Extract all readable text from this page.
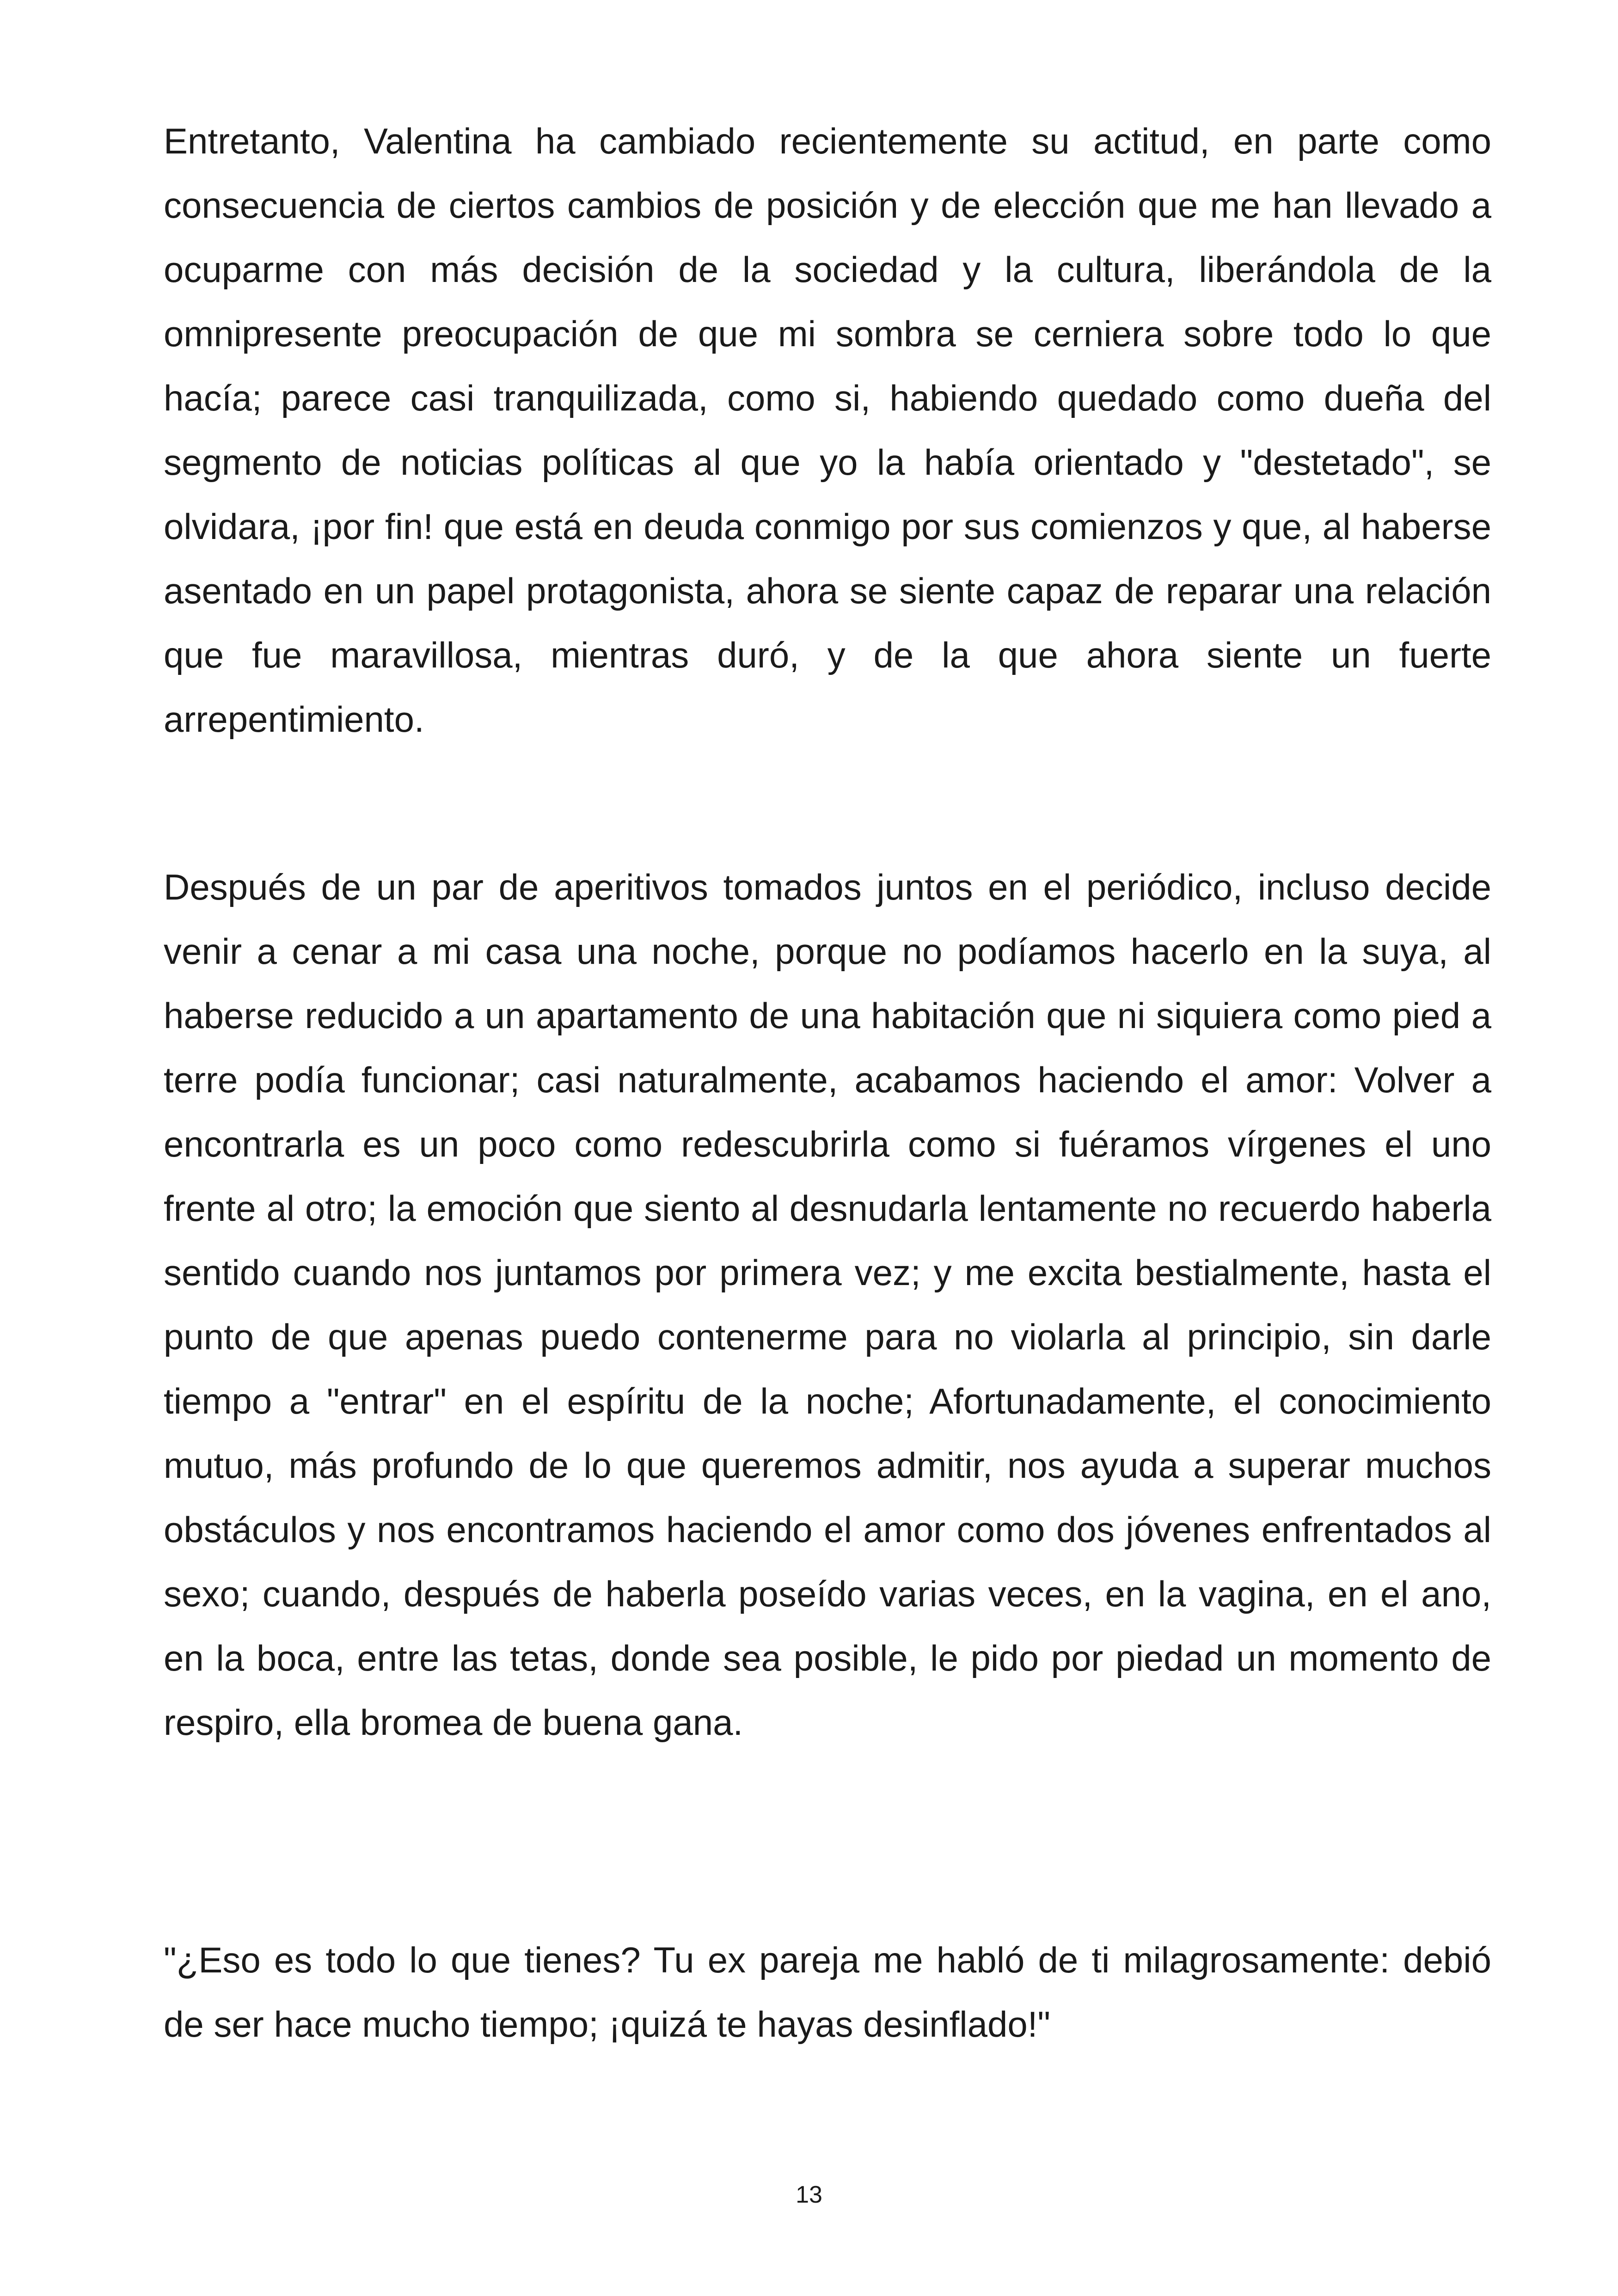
Entretanto, Valentina ha cambiado recientemente su actitud, en parte como consecuencia de ciertos cambios de posición y de elección que me han llevado a ocuparme con más decisión de la sociedad y la cultura, liberándola de la omnipresente preocupación de que mi sombra se cerniera sobre todo lo que hacía; parece casi tranquilizada, como si, habiendo quedado como dueña del segmento de noticias políticas al que yo la había orientado y "destetado", se olvidara, ¡por fin! que está en deuda conmigo por sus comienzos y que, al haberse asentado en un papel protagonista, ahora se siente capaz de reparar una relación que fue maravillosa, mientras duró, y de la que ahora siente un fuerte arrepentimiento.

Después de un par de aperitivos tomados juntos en el periódico, incluso decide venir a cenar a mi casa una noche, porque no podíamos hacerlo en la suya, al haberse reducido a un apartamento de una habitación que ni siquiera como pied a terre podía funcionar; casi naturalmente, acabamos haciendo el amor: Volver a encontrarla es un poco como redescubrirla como si fuéramos vírgenes el uno frente al otro; la emoción que siento al desnudarla lentamente no recuerdo haberla sentido cuando nos juntamos por primera vez; y me excita bestialmente, hasta el punto de que apenas puedo contenerme para no violarla al principio, sin darle tiempo a "entrar" en el espíritu de la noche; Afortunadamente, el conocimiento mutuo, más profundo de lo que queremos admitir, nos ayuda a superar muchos obstáculos y nos encontramos haciendo el amor como dos jóvenes enfrentados al sexo; cuando, después de haberla poseído varias veces, en la vagina, en el ano, en la boca, entre las tetas, donde sea posible, le pido por piedad un momento de respiro, ella bromea de buena gana.

"¿Eso es todo lo que tienes? Tu ex pareja me habló de ti milagrosamente: debió de ser hace mucho tiempo; ¡quizá te hayas desinflado!"

13
